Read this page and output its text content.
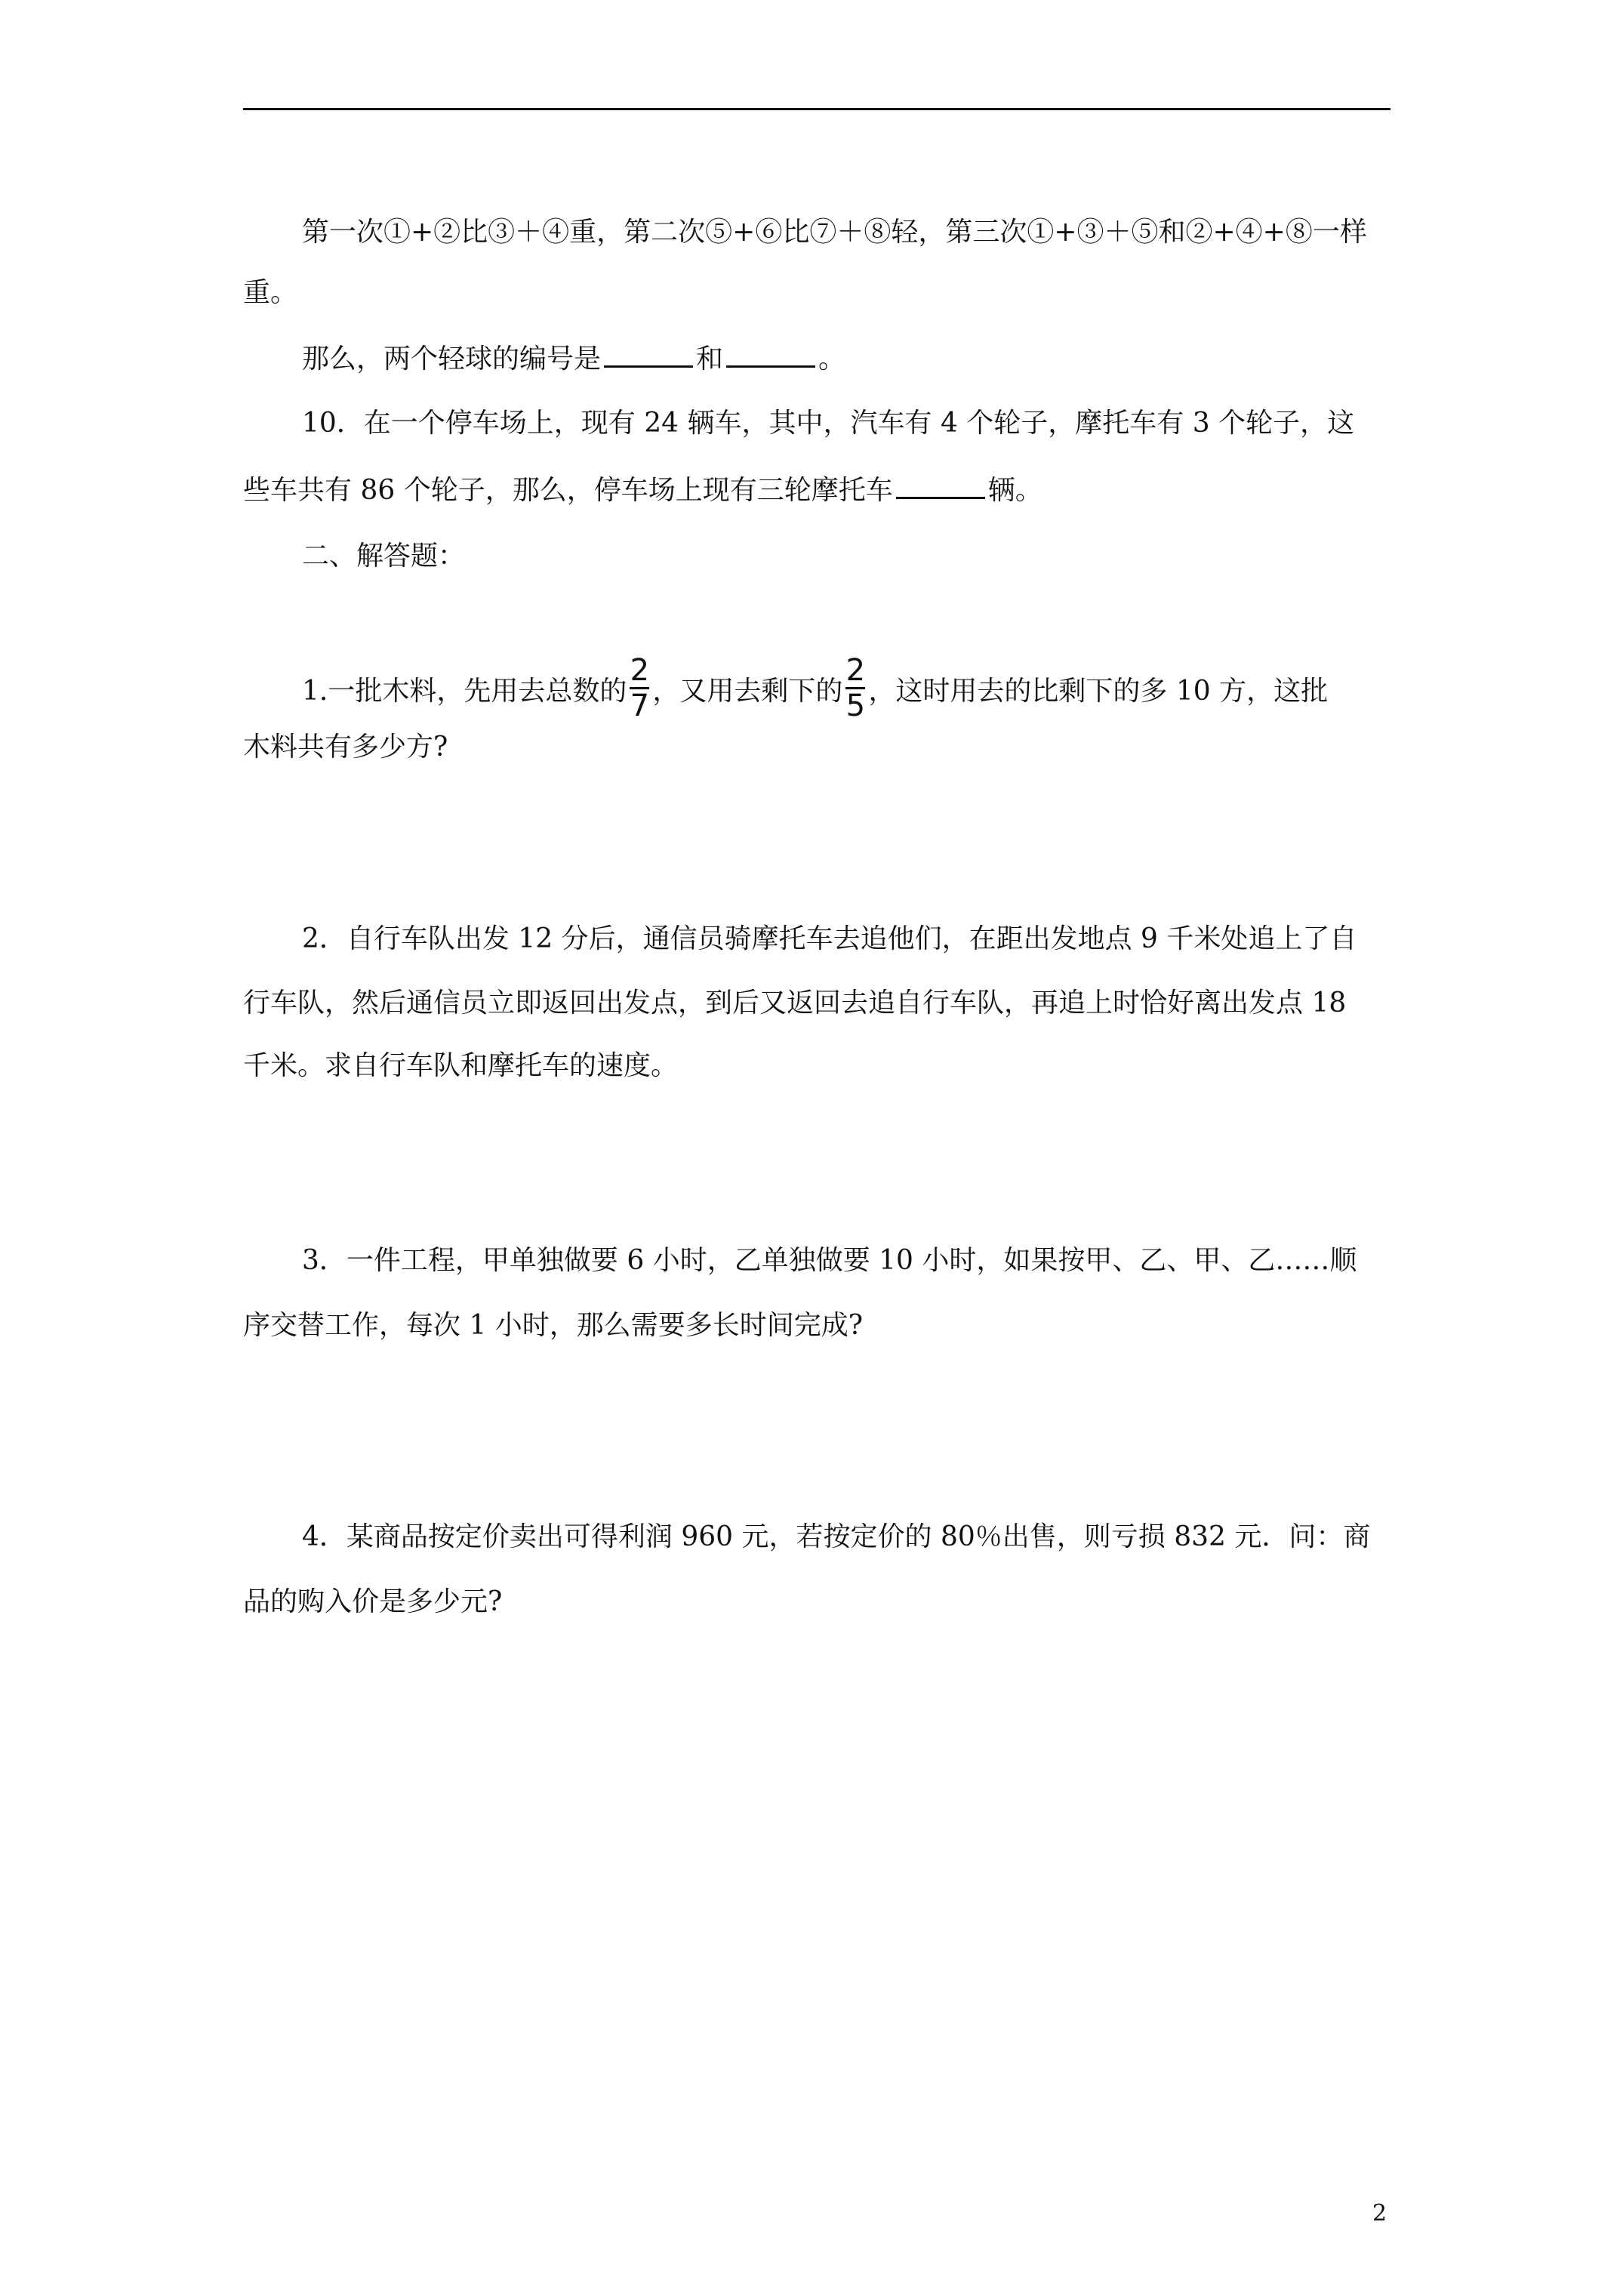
第一次①+②比③＋④重，第二次⑤+⑥比⑦＋⑧轻，第三次①+③＋⑤和②+④+⑧一样
重。
那么，两个轻球的编号是	和	。
10．在一个停车场上，现有 24 辆车，其中，汽车有 4 个轮子，摩托车有 3 个轮子，这
些车共有 86 个轮子，那么，停车场上现有三轮摩托车	辆。
二、解答题：
1.一批木料，先用去总数的 $\frac{2}{7}$ ，又用去剩下的 $\frac{2}{5}$ ，这时用去的比剩下的多 10 方，这批
木料共有多少方?
2．自行车队出发 12 分后，通信员骑摩托车去追他们，在距出发地点 9 千米处追上了自
行车队，然后通信员立即返回出发点，到后又返回去追自行车队，再追上时恰好离出发点 18
千米。求自行车队和摩托车的速度。
3．一件工程，甲单独做要 6 小时，乙单独做要 10 小时，如果按甲、乙、甲、乙……顺
序交替工作，每次 1 小时，那么需要多长时间完成?
4．某商品按定价卖出可得利润 960 元，若按定价的 80％出售，则亏损 832 元．问：商
品的购入价是多少元?
2
